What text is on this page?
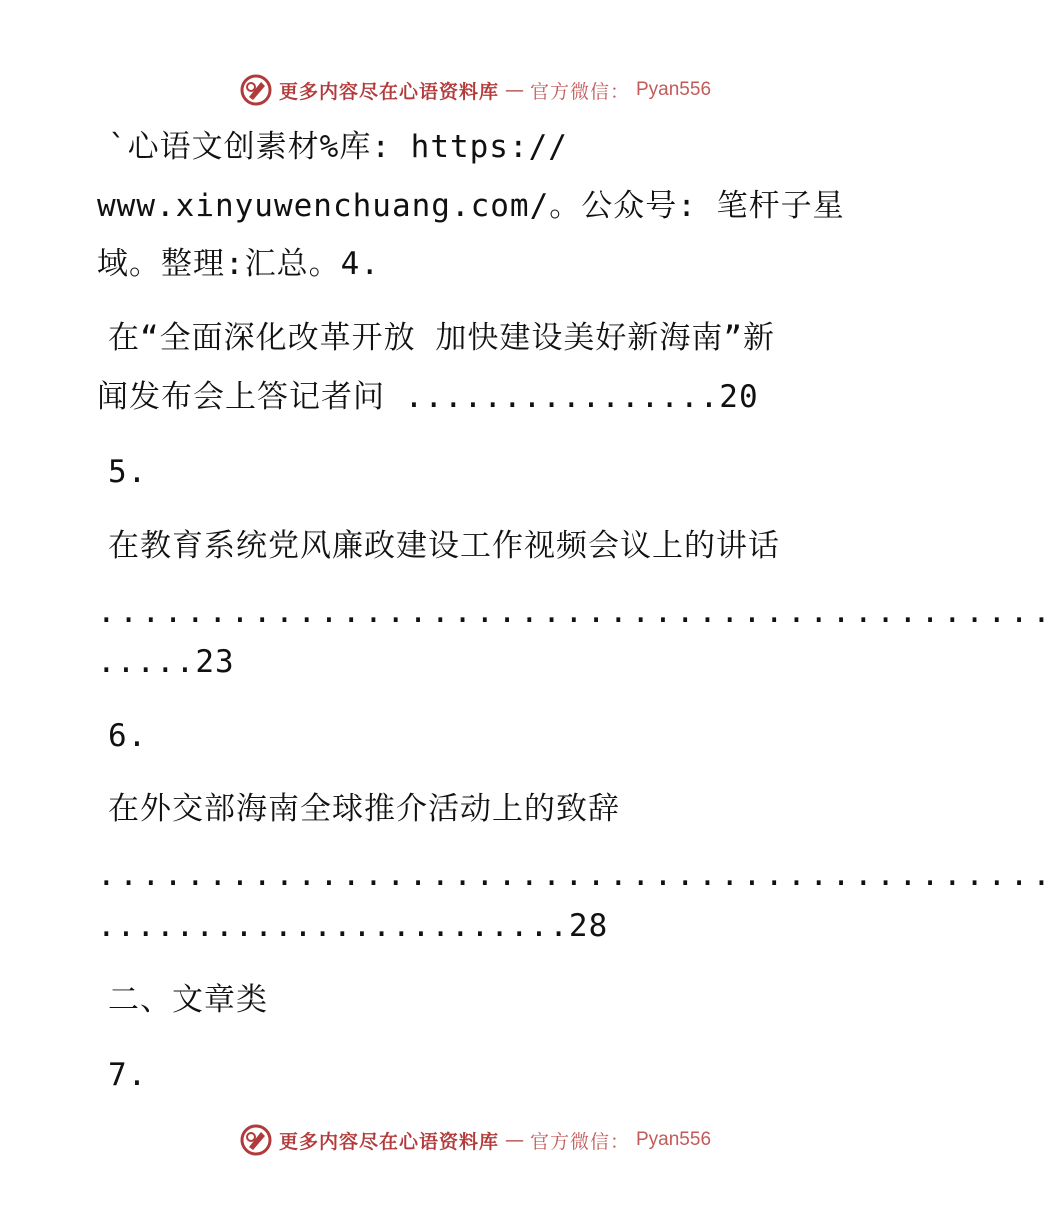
更多内容尽在心语资料库 — 官方微信： Pyan556
`心语文创素材%库: https://
www.xinyuwenchuang.com/。公众号: 笔杆子星
域。整理:汇总。4.
在“全面深化改革开放 加快建设美好新海南”新
闻发布会上答记者问 ................20
5.
在教育系统党风廉政建设工作视频会议上的讲话
...........................................
.....23
6.
在外交部海南全球推介活动上的致辞
...........................................
........................28
二、文章类
7.
更多内容尽在心语资料库 — 官方微信： Pyan556
